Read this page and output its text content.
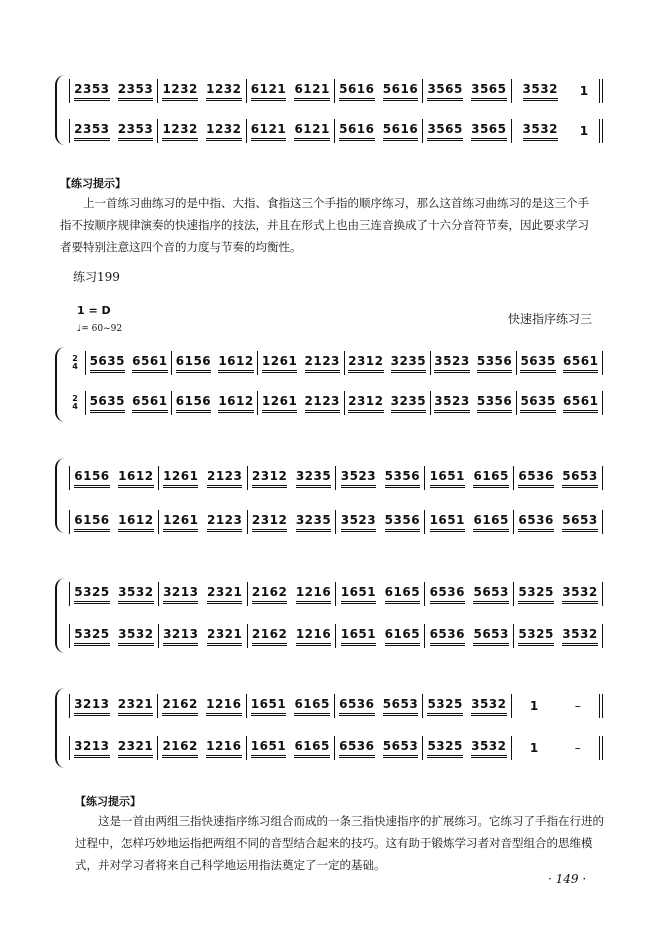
2353 2353 1232 1232 6121 6121 5616 5616 3565 3565 3532 1
2353 2353 1232 1232 6121 6121 5616 5616 3565 3565 3532 1
【练习提示】
上一首练习曲练习的是中指、大指、食指这三个手指的顺序练习，那么这首练习曲练习的是这三个手指不按顺序规律演奏的快速指序的技法，并且在形式上也由三连音换成了十六分音符节奏，因此要求学习者要特别注意这四个音的力度与节奏的均衡性。
练习199
1 = D
♩= 60~92
快速指序练习三
2
4 5635 6561 6156 1612 1261 2123 2312 3235 3523 5356 5635 6561
2
4 5635 6561 6156 1612 1261 2123 2312 3235 3523 5356 5635 6561
6156 1612 1261 2123 2312 3235 3523 5356 1651 6165 6536 5653
6156 1612 1261 2123 2312 3235 3523 5356 1651 6165 6536 5653
5325 3532 3213 2321 2162 1216 1651 6165 6536 5653 5325 3532
5325 3532 3213 2321 2162 1216 1651 6165 6536 5653 5325 3532
3213 2321 2162 1216 1651 6165 6536 5653 5325 3532 1	–
3213 2321 2162 1216 1651 6165 6536 5653 5325 3532 1	–
【练习提示】
这是一首由两组三指快速指序练习组合而成的一条三指快速指序的扩展练习。它练习了手指在行进的过程中，怎样巧妙地运指把两组不同的音型结合起来的技巧。这有助于锻炼学习者对音型组合的思维模式，并对学习者将来自己科学地运用指法奠定了一定的基础。
· 149 ·
